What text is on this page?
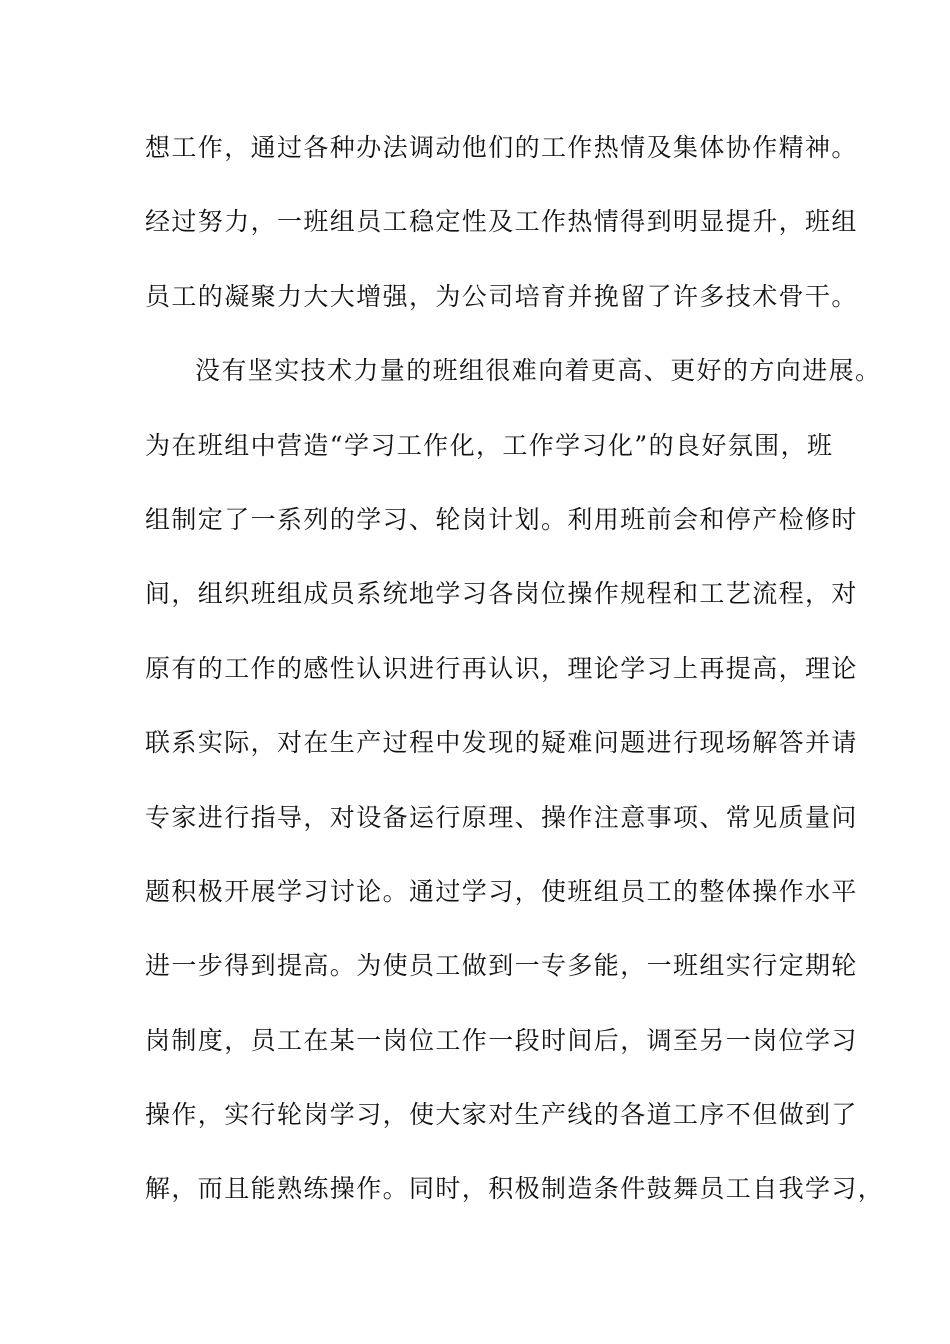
想工作，通过各种办法调动他们的工作热情及集体协作精神。
经过努力，一班组员工稳定性及工作热情得到明显提升，班组
员工的凝聚力大大增强，为公司培育并挽留了许多技术骨干。
没有坚实技术力量的班组很难向着更高、更好的方向进展。
为在班组中营造“学习工作化，工作学习化”的良好氛围，班
组制定了一系列的学习、轮岗计划。利用班前会和停产检修时
间，组织班组成员系统地学习各岗位操作规程和工艺流程，对
原有的工作的感性认识进行再认识，理论学习上再提高，理论
联系实际，对在生产过程中发现的疑难问题进行现场解答并请
专家进行指导，对设备运行原理、操作注意事项、常见质量问
题积极开展学习讨论。通过学习，使班组员工的整体操作水平
进一步得到提高。为使员工做到一专多能，一班组实行定期轮
岗制度，员工在某一岗位工作一段时间后，调至另一岗位学习
操作，实行轮岗学习，使大家对生产线的各道工序不但做到了
解，而且能熟练操作。同时，积极制造条件鼓舞员工自我学习，
